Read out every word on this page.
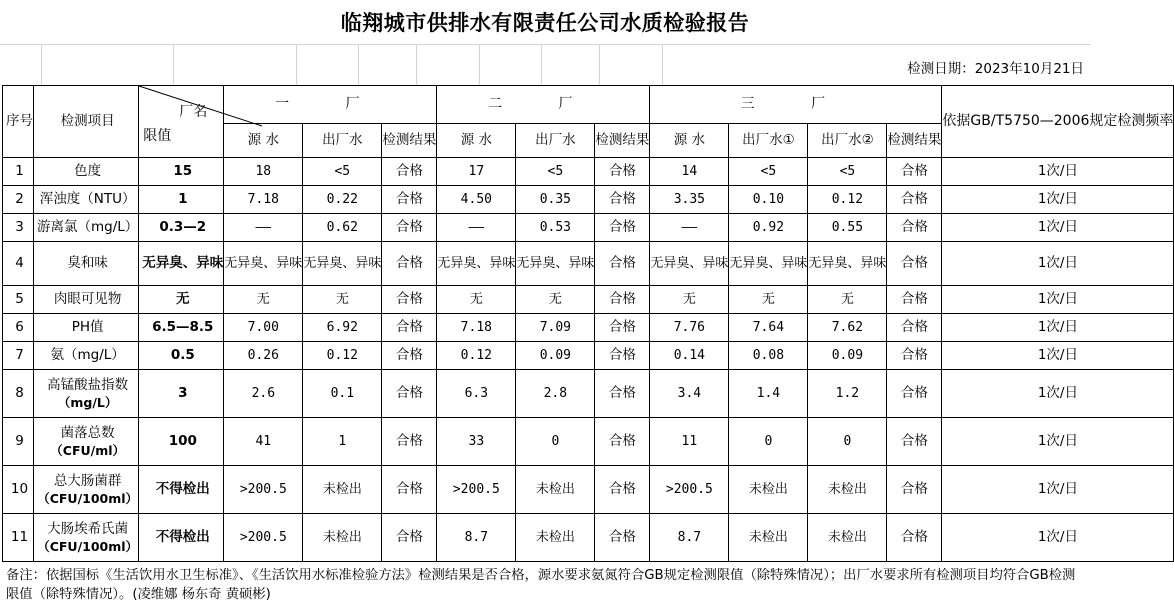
临翔城市供排水有限责任公司水质检验报告
检测日期：2023年10月21日
序号	检测项目	厂名
限值	一 厂			二 厂			三 厂				依据GB/T5750—2006规定检测频率
			源 水	出厂水	检测结果	源 水	出厂水	检测结果	源 水	出厂水①	出厂水②	检测结果	
1	色度	15	18	<5	合格	17	<5	合格	14	<5	<5	合格	1次/日
2	浑浊度（NTU）	1	7.18	0.22	合格	4.50	0.35	合格	3.35	0.10	0.12	合格	1次/日
3	游离氯（mg/L）	0.3—2	——	0.62	合格	——	0.53	合格	——	0.92	0.55	合格	1次/日
4	臭和味	无异臭、异味	无异臭、异味	无异臭、异味	合格	无异臭、异味	无异臭、异味	合格	无异臭、异味	无异臭、异味	无异臭、异味	合格	1次/日
5	肉眼可见物	无	无	无	合格	无	无	合格	无	无	无	合格	1次/日
6	PH值	6.5—8.5	7.00	6.92	合格	7.18	7.09	合格	7.76	7.64	7.62	合格	1次/日
7	氨（mg/L）	0.5	0.26	0.12	合格	0.12	0.09	合格	0.14	0.08	0.09	合格	1次/日
8	高锰酸盐指数
（mg/L）	3	2.6	0.1	合格	6.3	2.8	合格	3.4	1.4	1.2	合格	1次/日
9	菌落总数
（CFU/ml）	100	41	1	合格	33	0	合格	11	0	0	合格	1次/日
10	总大肠菌群
（CFU/100ml）	不得检出	>200.5	未检出	合格	>200.5	未检出	合格	>200.5	未检出	未检出	合格	1次/日
11	大肠埃希氏菌
（CFU/100ml）	不得检出	>200.5	未检出	合格	8.7	未检出	合格	8.7	未检出	未检出	合格	1次/日
备注：依据国标《生活饮用水卫生标准》、《生活饮用水标准检验方法》检测结果是否合格，源水要求氨氮符合GB规定检测限值（除特殊情况）；出厂水要求所有检测项目均符合GB检测限值（除特殊情况）。(凌维娜 杨东奇 黄硕彬)
